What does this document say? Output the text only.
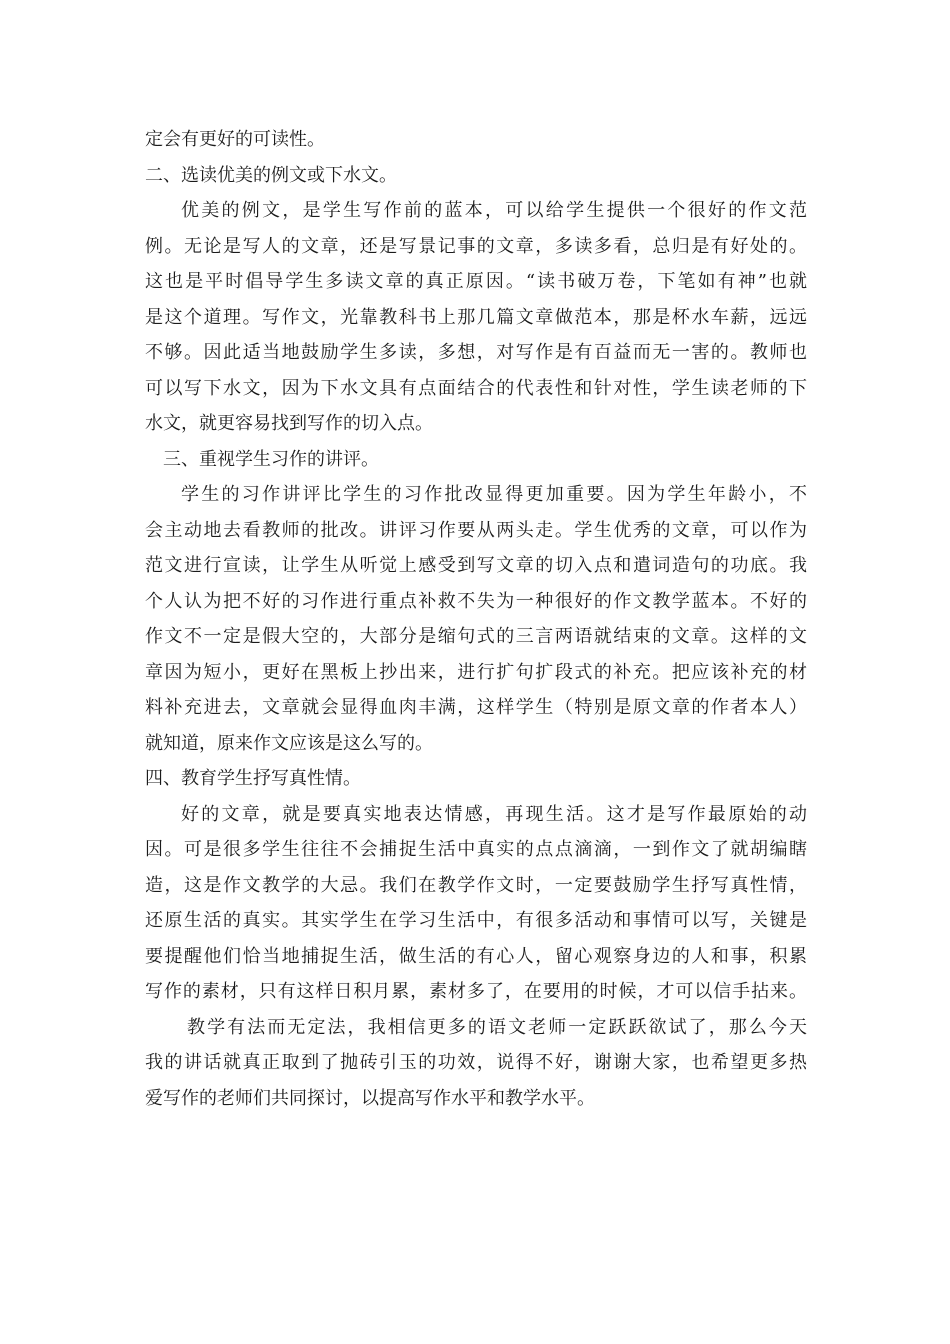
定会有更好的可读性。
二、选读优美的例文或下水文。
优美的例文，是学生写作前的蓝本，可以给学生提供一个很好的作文范
例。无论是写人的文章，还是写景记事的文章，多读多看，总归是有好处的。
这也是平时倡导学生多读文章的真正原因。“读书破万卷，下笔如有神”也就
是这个道理。写作文，光靠教科书上那几篇文章做范本，那是杯水车薪，远远
不够。因此适当地鼓励学生多读，多想，对写作是有百益而无一害的。教师也
可以写下水文，因为下水文具有点面结合的代表性和针对性，学生读老师的下
水文，就更容易找到写作的切入点。
三、重视学生习作的讲评。
学生的习作讲评比学生的习作批改显得更加重要。因为学生年龄小，不
会主动地去看教师的批改。讲评习作要从两头走。学生优秀的文章，可以作为
范文进行宣读，让学生从听觉上感受到写文章的切入点和遣词造句的功底。我
个人认为把不好的习作进行重点补救不失为一种很好的作文教学蓝本。不好的
作文不一定是假大空的，大部分是缩句式的三言两语就结束的文章。这样的文
章因为短小，更好在黑板上抄出来，进行扩句扩段式的补充。把应该补充的材
料补充进去，文章就会显得血肉丰满，这样学生（特别是原文章的作者本人）
就知道，原来作文应该是这么写的。
四、教育学生抒写真性情。
好的文章，就是要真实地表达情感，再现生活。这才是写作最原始的动
因。可是很多学生往往不会捕捉生活中真实的点点滴滴，一到作文了就胡编瞎
造，这是作文教学的大忌。我们在教学作文时，一定要鼓励学生抒写真性情，
还原生活的真实。其实学生在学习生活中，有很多活动和事情可以写，关键是
要提醒他们恰当地捕捉生活，做生活的有心人，留心观察身边的人和事，积累
写作的素材，只有这样日积月累，素材多了，在要用的时候，才可以信手拈来。
教学有法而无定法，我相信更多的语文老师一定跃跃欲试了，那么今天
我的讲话就真正取到了抛砖引玉的功效，说得不好，谢谢大家，也希望更多热
爱写作的老师们共同探讨，以提高写作水平和教学水平。
